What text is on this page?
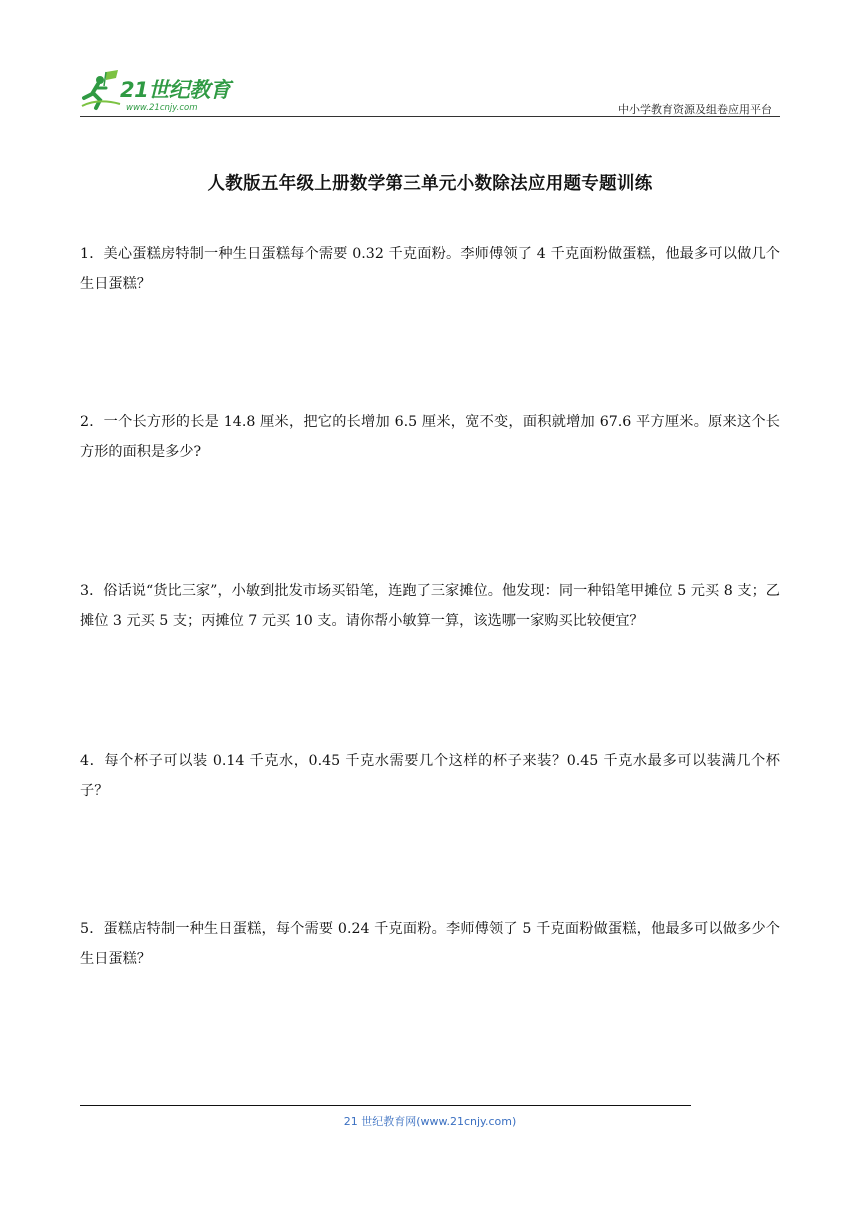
21世纪教育
www.21cnjy.com	中小学教育资源及组卷应用平台
人教版五年级上册数学第三单元小数除法应用题专题训练
1．美心蛋糕房特制一种生日蛋糕每个需要 0.32 千克面粉。李师傅领了 4 千克面粉做蛋糕，他最多可以做几个生日蛋糕？
2．一个长方形的长是 14.8 厘米，把它的长增加 6.5 厘米，宽不变，面积就增加 67.6 平方厘米。原来这个长方形的面积是多少?
3．俗话说“货比三家”，小敏到批发市场买铅笔，连跑了三家摊位。他发现：同一种铅笔甲摊位 5 元买 8 支；乙摊位 3 元买 5 支；丙摊位 7 元买 10 支。请你帮小敏算一算，该选哪一家购买比较便宜？
4．每个杯子可以装 0.14 千克水，0.45 千克水需要几个这样的杯子来装？0.45 千克水最多可以装满几个杯子？
5．蛋糕店特制一种生日蛋糕，每个需要 0.24 千克面粉。李师傅领了 5 千克面粉做蛋糕，他最多可以做多少个生日蛋糕？
21 世纪教育网(www.21cnjy.com)
